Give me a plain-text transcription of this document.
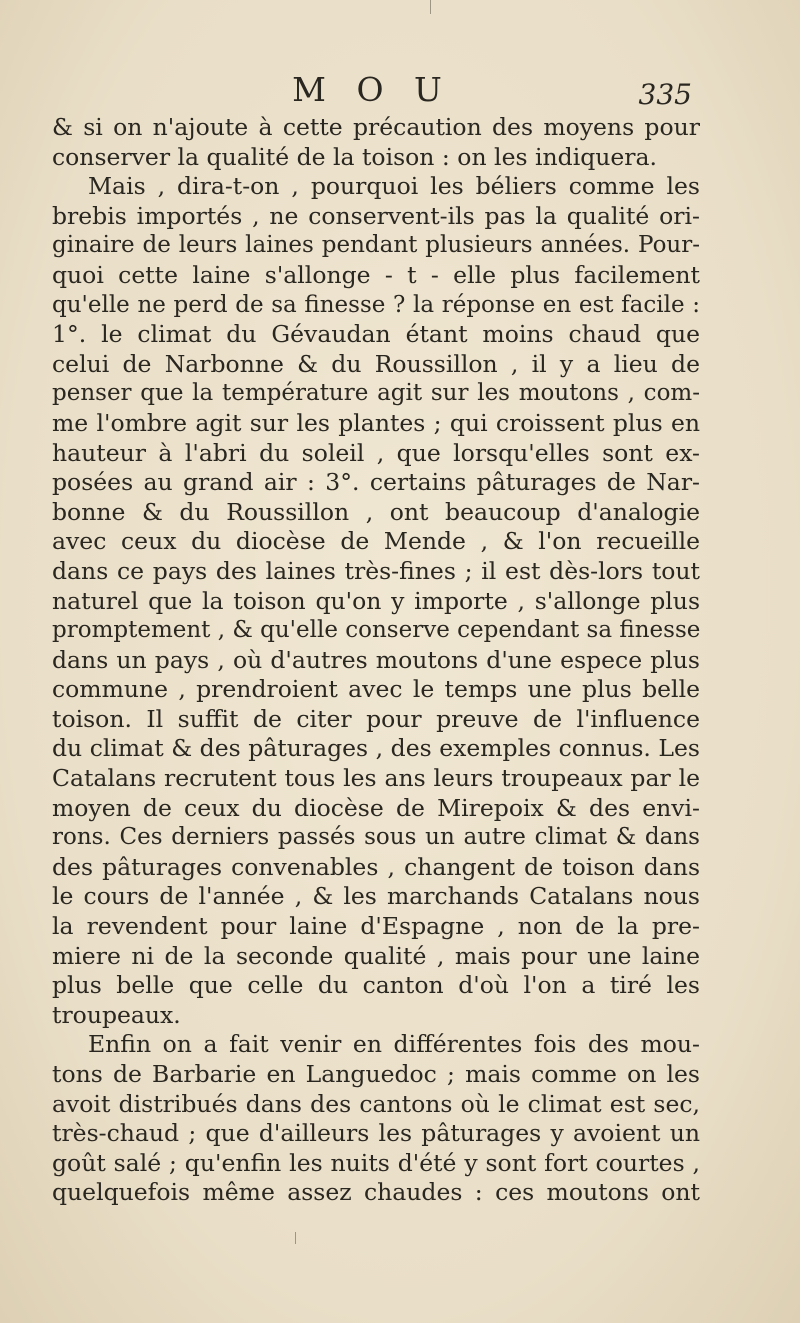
M O U	335
& si on n'ajoute à cette précaution des moyens pour
conserver la qualité de la toison : on les indiquera.
Mais , dira-t-on , pourquoi les béliers comme les
brebis importés , ne conservent-ils pas la qualité ori-
ginaire de leurs laines pendant plusieurs années. Pour-
quoi cette laine s'allonge - t - elle plus facilement
qu'elle ne perd de sa finesse ? la réponse en est facile :
1°. le climat du Gévaudan étant moins chaud que
celui de Narbonne & du Roussillon , il y a lieu de
penser que la température agit sur les moutons , com-
me l'ombre agit sur les plantes ; qui croissent plus en
hauteur à l'abri du soleil , que lorsqu'elles sont ex-
posées au grand air : 3°. certains pâturages de Nar-
bonne & du Roussillon , ont beaucoup d'analogie
avec ceux du diocèse de Mende , & l'on recueille
dans ce pays des laines très-fines ; il est dès-lors tout
naturel que la toison qu'on y importe , s'allonge plus
promptement , & qu'elle conserve cependant sa finesse
dans un pays , où d'autres moutons d'une espece plus
commune , prendroient avec le temps une plus belle
toison. Il suffit de citer pour preuve de l'influence
du climat & des pâturages , des exemples connus. Les
Catalans recrutent tous les ans leurs troupeaux par le
moyen de ceux du diocèse de Mirepoix & des envi-
rons. Ces derniers passés sous un autre climat & dans
des pâturages convenables , changent de toison dans
le cours de l'année , & les marchands Catalans nous
la revendent pour laine d'Espagne , non de la pre-
miere ni de la seconde qualité , mais pour une laine
plus belle que celle du canton d'où l'on a tiré les
troupeaux.
Enfin on a fait venir en différentes fois des mou-
tons de Barbarie en Languedoc ; mais comme on les
avoit distribués dans des cantons où le climat est sec,
très-chaud ; que d'ailleurs les pâturages y avoient un
goût salé ; qu'enfin les nuits d'été y sont fort courtes ,
quelquefois même assez chaudes : ces moutons ont
